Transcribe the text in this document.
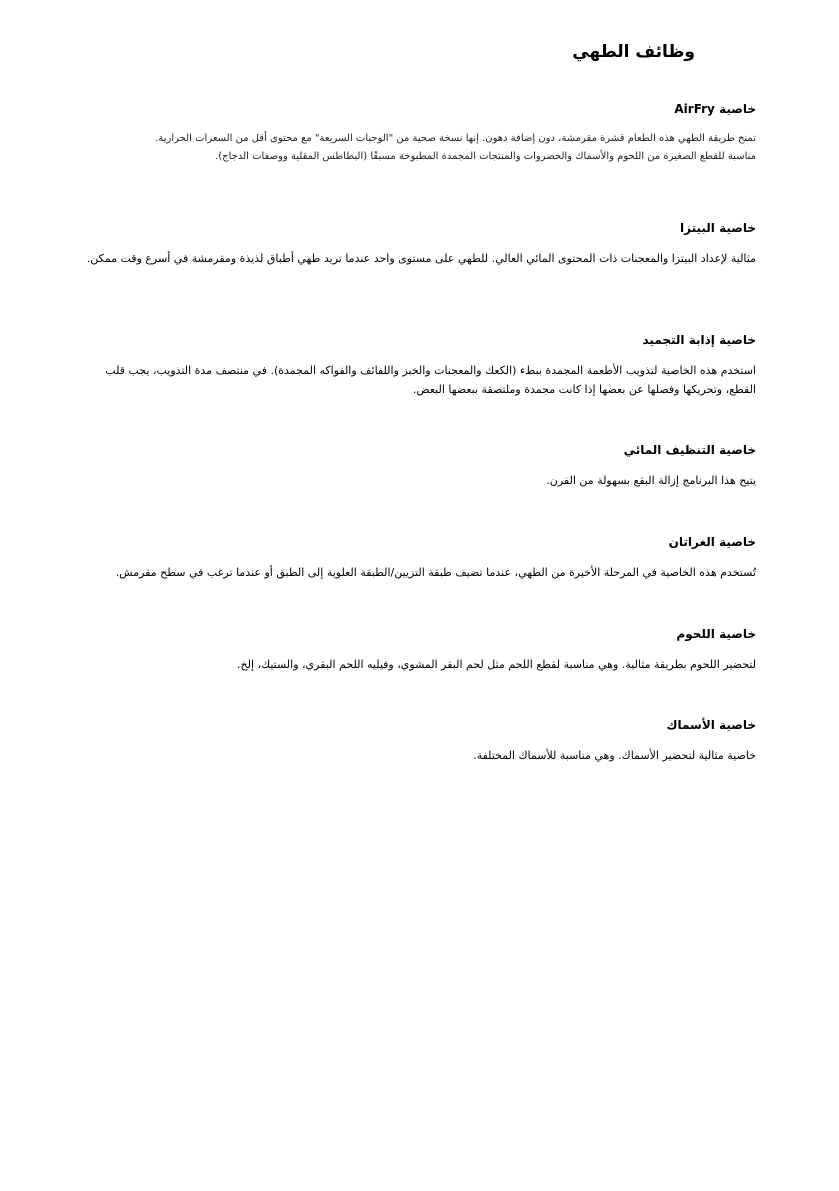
وظائف الطهي
خاصية AirFry

تمنح طريقة الطهي هذه الطعام قشرة مقرمشة، دون إضافة دهون. إنها نسخة صحية من "الوجبات السريعة" مع محتوى أقل من السعرات الحرارية. مناسبة للقطع الصغيرة من اللحوم والأسماك والخضروات والمنتجات المجمدة المطبوخة مسبقًا (البطاطس المقلية ووصفات الدجاج).

خاصية البيتزا

مثالية لإعداد البيتزا والمعجنات ذات المحتوى المائي العالي. للطهي على مستوى واحد عندما تريد طهي أطباق لذيذة ومقرمشة في أسرع وقت ممكن.

خاصية إذابة التجميد

استخدم هذه الخاصية لتذويب الأطعمة المجمدة ببطء (الكعك والمعجنات والخبز واللفائف والفواكه المجمدة). في منتصف مدة التذويب، يجب قلب القطع، وتحريكها وفصلها عن بعضها إذا كانت مجمدة وملتصقة ببعضها البعض.

خاصية التنظيف المائي

يتيح هذا البرنامج إزالة البقع بسهولة من الفرن.

خاصية الغراتان

تُستخدم هذه الخاصية في المرحلة الأخيرة من الطهي، عندما تضيف طبقة التزيين/الطبقة العلوية إلى الطبق أو عندما ترغب في سطح مقرمش.

خاصية اللحوم

لتحضير اللحوم بطريقة مثالية. وهي مناسبة لقطع اللحم مثل لحم البقر المشوي، وفيليه اللحم البقري، والستيك، إلخ.

خاصية الأسماك

خاصية مثالية لتحضير الأسماك. وهي مناسبة للأسماك المختلفة.
